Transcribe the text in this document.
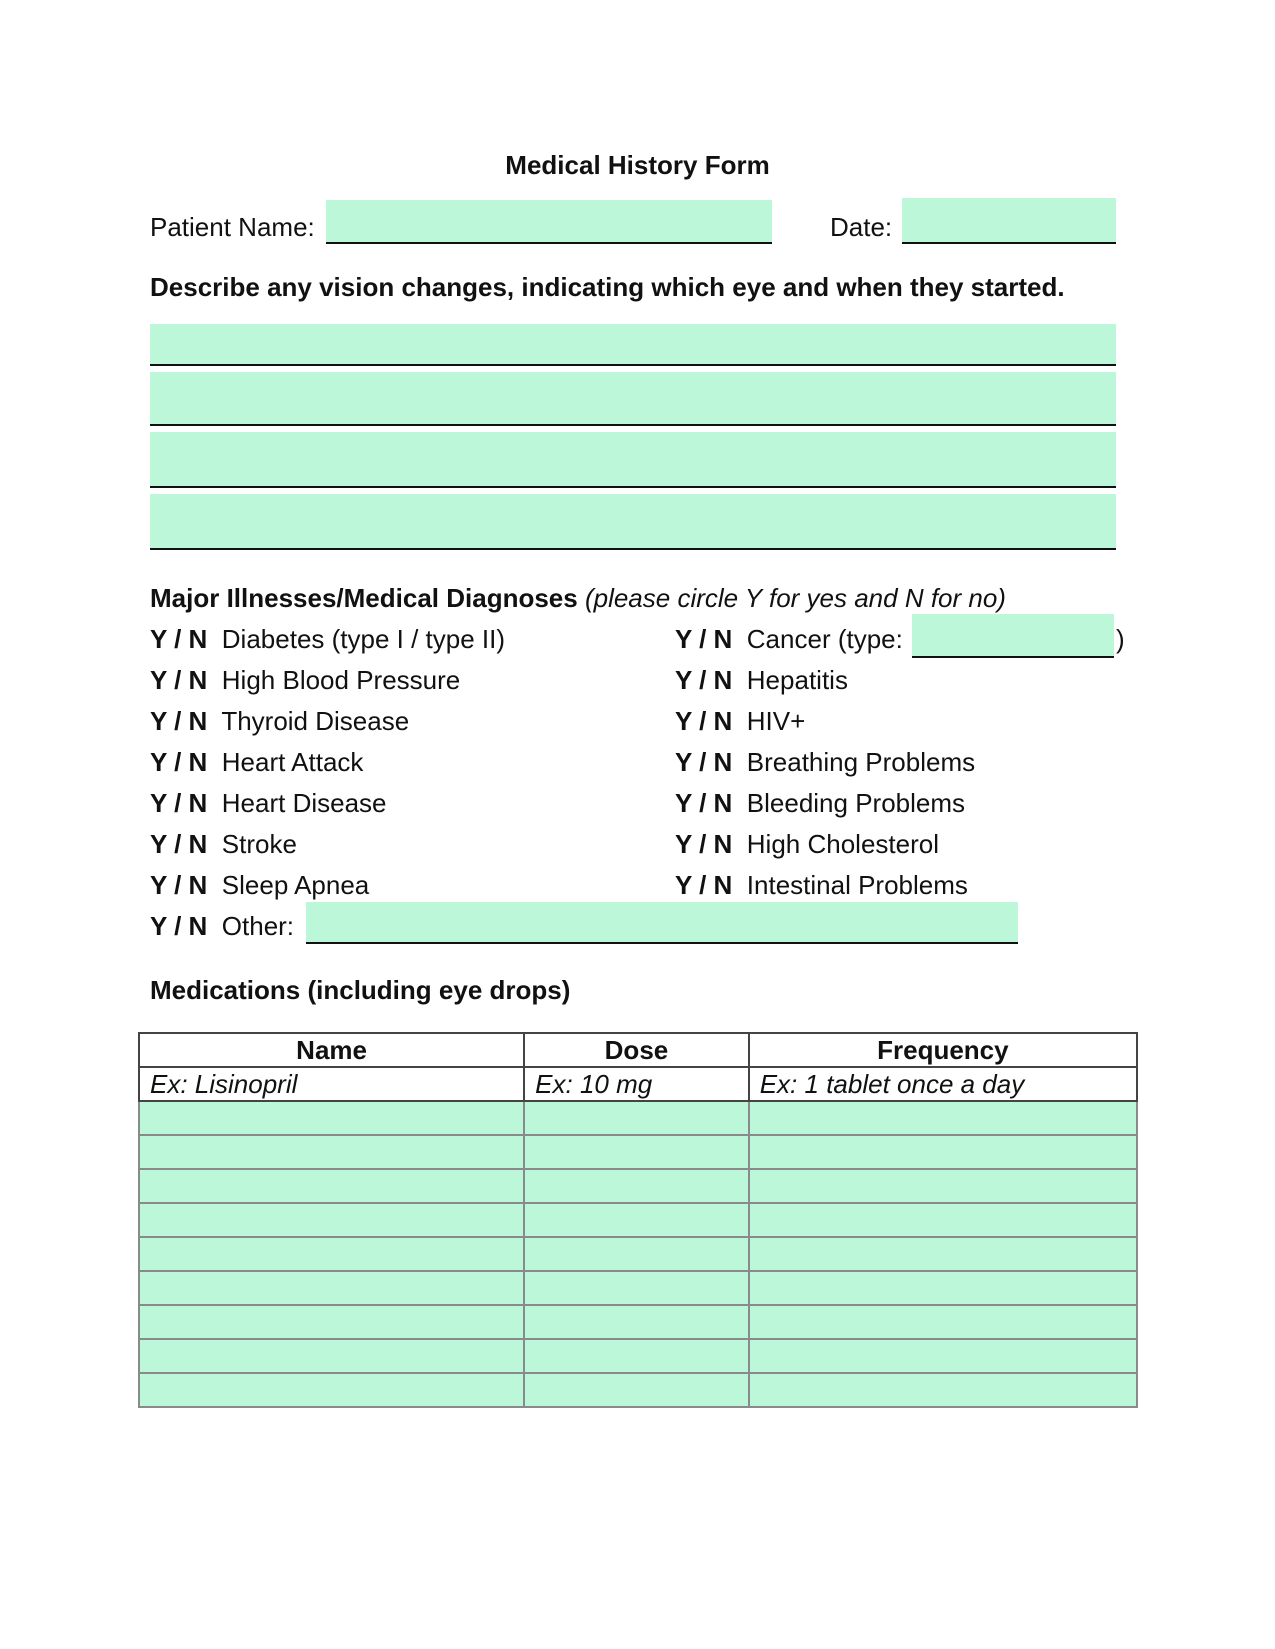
Medical History Form
Patient Name:	Date:
Describe any vision changes, indicating which eye and when they started.
Major Illnesses/Medical Diagnoses (please circle Y for yes and N for no)
Y / N Diabetes (type I / type II)
Y / N High Blood Pressure
Y / N Thyroid Disease
Y / N Heart Attack
Y / N Heart Disease
Y / N Stroke
Y / N Sleep Apnea
Y / N Other:
Y / N Cancer (type:	)
Y / N Hepatitis
Y / N HIV+
Y / N Breathing Problems
Y / N Bleeding Problems
Y / N High Cholesterol
Y / N Intestinal Problems
Medications (including eye drops)
Name	Dose	Frequency
Ex: Lisinopril	Ex: 10 mg	Ex: 1 tablet once a day
